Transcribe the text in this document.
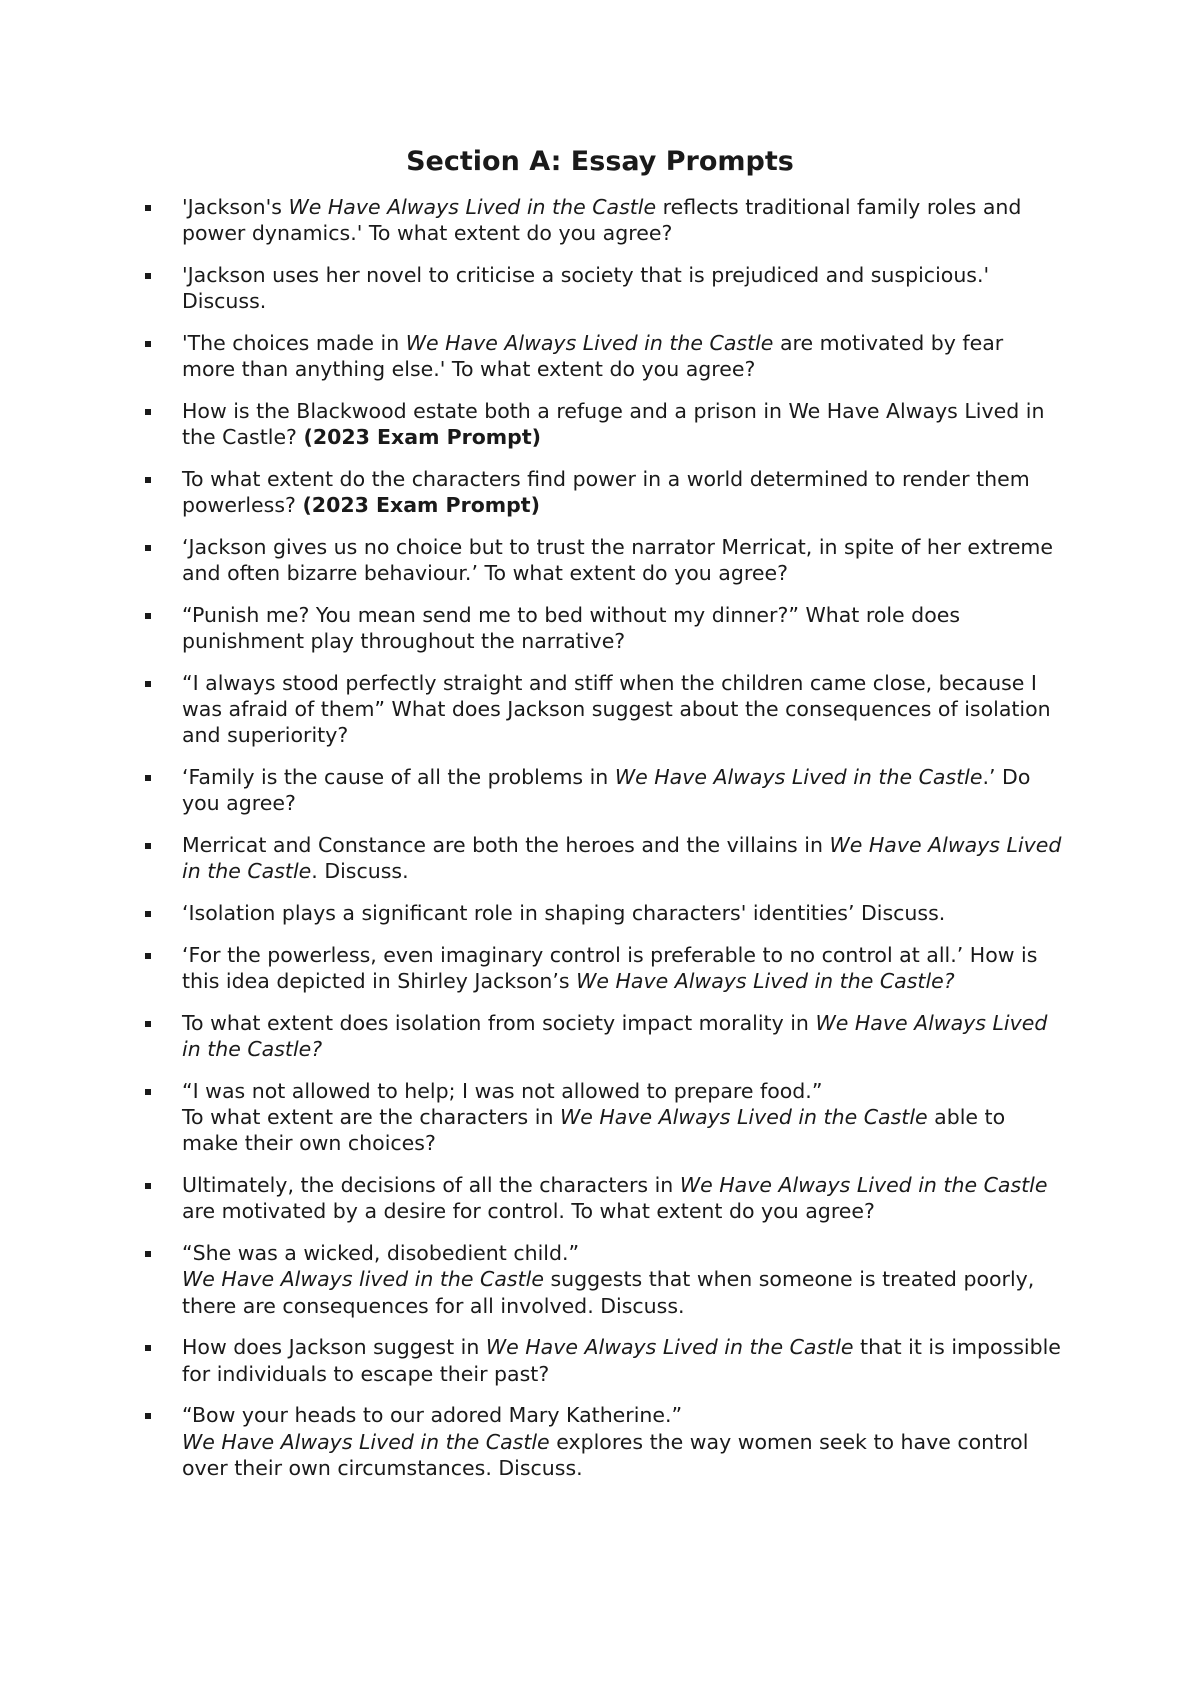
Section A: Essay Prompts
'Jackson's We Have Always Lived in the Castle reflects traditional family roles and power dynamics.' To what extent do you agree?
'Jackson uses her novel to criticise a society that is prejudiced and suspicious.' Discuss.
'The choices made in We Have Always Lived in the Castle are motivated by fear more than anything else.' To what extent do you agree?
How is the Blackwood estate both a refuge and a prison in We Have Always Lived in the Castle? (2023 Exam Prompt)
To what extent do the characters find power in a world determined to render them powerless? (2023 Exam Prompt)
‘Jackson gives us no choice but to trust the narrator Merricat, in spite of her extreme and often bizarre behaviour.’ To what extent do you agree?
“Punish me? You mean send me to bed without my dinner?” What role does punishment play throughout the narrative?
“I always stood perfectly straight and stiff when the children came close, because I was afraid of them” What does Jackson suggest about the consequences of isolation and superiority?
‘Family is the cause of all the problems in We Have Always Lived in the Castle.’ Do you agree?
Merricat and Constance are both the heroes and the villains in We Have Always Lived in the Castle. Discuss.
‘Isolation plays a significant role in shaping characters' identities’ Discuss.
‘For the powerless, even imaginary control is preferable to no control at all.’ How is this idea depicted in Shirley Jackson’s We Have Always Lived in the Castle?
To what extent does isolation from society impact morality in We Have Always Lived in the Castle?
“I was not allowed to help; I was not allowed to prepare food.”
To what extent are the characters in We Have Always Lived in the Castle able to make their own choices?
Ultimately, the decisions of all the characters in We Have Always Lived in the Castle are motivated by a desire for control. To what extent do you agree?
“She was a wicked, disobedient child.”
We Have Always lived in the Castle suggests that when someone is treated poorly, there are consequences for all involved. Discuss.
How does Jackson suggest in We Have Always Lived in the Castle that it is impossible for individuals to escape their past?
“Bow your heads to our adored Mary Katherine.”
We Have Always Lived in the Castle explores the way women seek to have control over their own circumstances. Discuss.
